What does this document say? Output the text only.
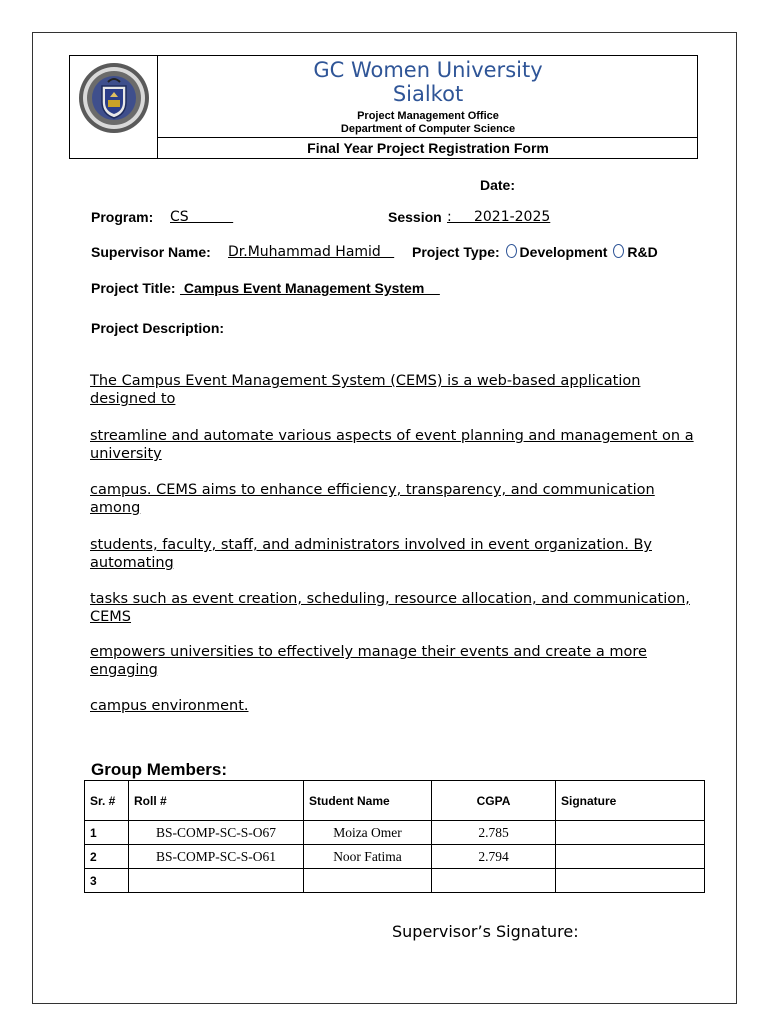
GC Women University
Sialkot
Project Management Office
Department of Computer Science
Final Year Project Registration Form
Date:
Program: CS	Session :     2021-2025
Supervisor Name: Dr.Muhammad Hamid Project Type: Development R&D
Project Title: Campus Event Management System
Project Description:
The Campus Event Management System (CEMS) is a web-based application
designed to
streamline and automate various aspects of event planning and management on a
university
campus. CEMS aims to enhance efficiency, transparency, and communication
among
students, faculty, staff, and administrators involved in event organization. By
automating
tasks such as event creation, scheduling, resource allocation, and communication,
CEMS
empowers universities to effectively manage their events and create a more
engaging
campus environment.
Group Members:
Sr. #	Roll #	Student Name	CGPA	Signature
1	BS-COMP-SC-S-O67	Moiza Omer	2.785	
2	BS-COMP-SC-S-O61	Noor Fatima	2.794	
3				
Supervisor’s Signature:
